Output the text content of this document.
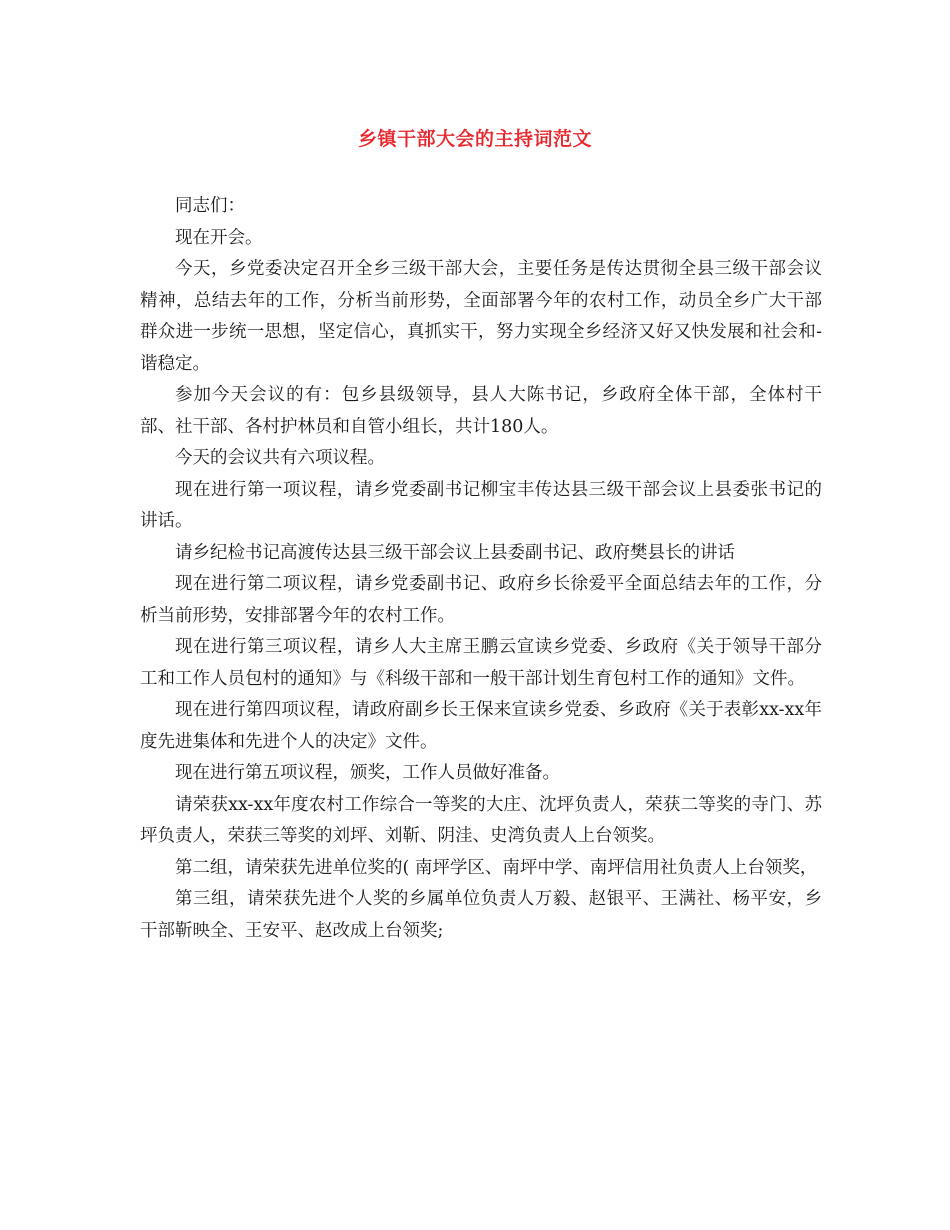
乡镇干部大会的主持词范文

同志们：

现在开会。

今天，乡党委决定召开全乡三级干部大会，主要任务是传达贯彻全县三级干部会议精神，总结去年的工作，分析当前形势，全面部署今年的农村工作，动员全乡广大干部群众进一步统一思想，坚定信心，真抓实干，努力实现全乡经济又好又快发展和社会和-谐稳定。

参加今天会议的有：包乡县级领导，县人大陈书记，乡政府全体干部，全体村干部、社干部、各村护林员和自管小组长，共计180人。

今天的会议共有六项议程。

现在进行第一项议程，请乡党委副书记柳宝丰传达县三级干部会议上县委张书记的讲话。

请乡纪检书记高渡传达县三级干部会议上县委副书记、政府樊县长的讲话

现在进行第二项议程，请乡党委副书记、政府乡长徐爱平全面总结去年的工作，分析当前形势，安排部署今年的农村工作。

现在进行第三项议程，请乡人大主席王鹏云宣读乡党委、乡政府《关于领导干部分工和工作人员包村的通知》与《科级干部和一般干部计划生育包村工作的通知》文件。

现在进行第四项议程，请政府副乡长王保来宣读乡党委、乡政府《关于表彰xx-xx年度先进集体和先进个人的决定》文件。

现在进行第五项议程，颁奖，工作人员做好准备。

请荣获xx-xx年度农村工作综合一等奖的大庄、沈坪负责人，荣获二等奖的寺门、苏坪负责人，荣获三等奖的刘坪、刘靳、阴洼、史湾负责人上台领奖。

第二组，请荣获先进单位奖的( 南坪学区、南坪中学、南坪信用社负责人上台领奖，

第三组，请荣获先进个人奖的乡属单位负责人万毅、赵银平、王满社、杨平安，乡干部靳映全、王安平、赵改成上台领奖;
